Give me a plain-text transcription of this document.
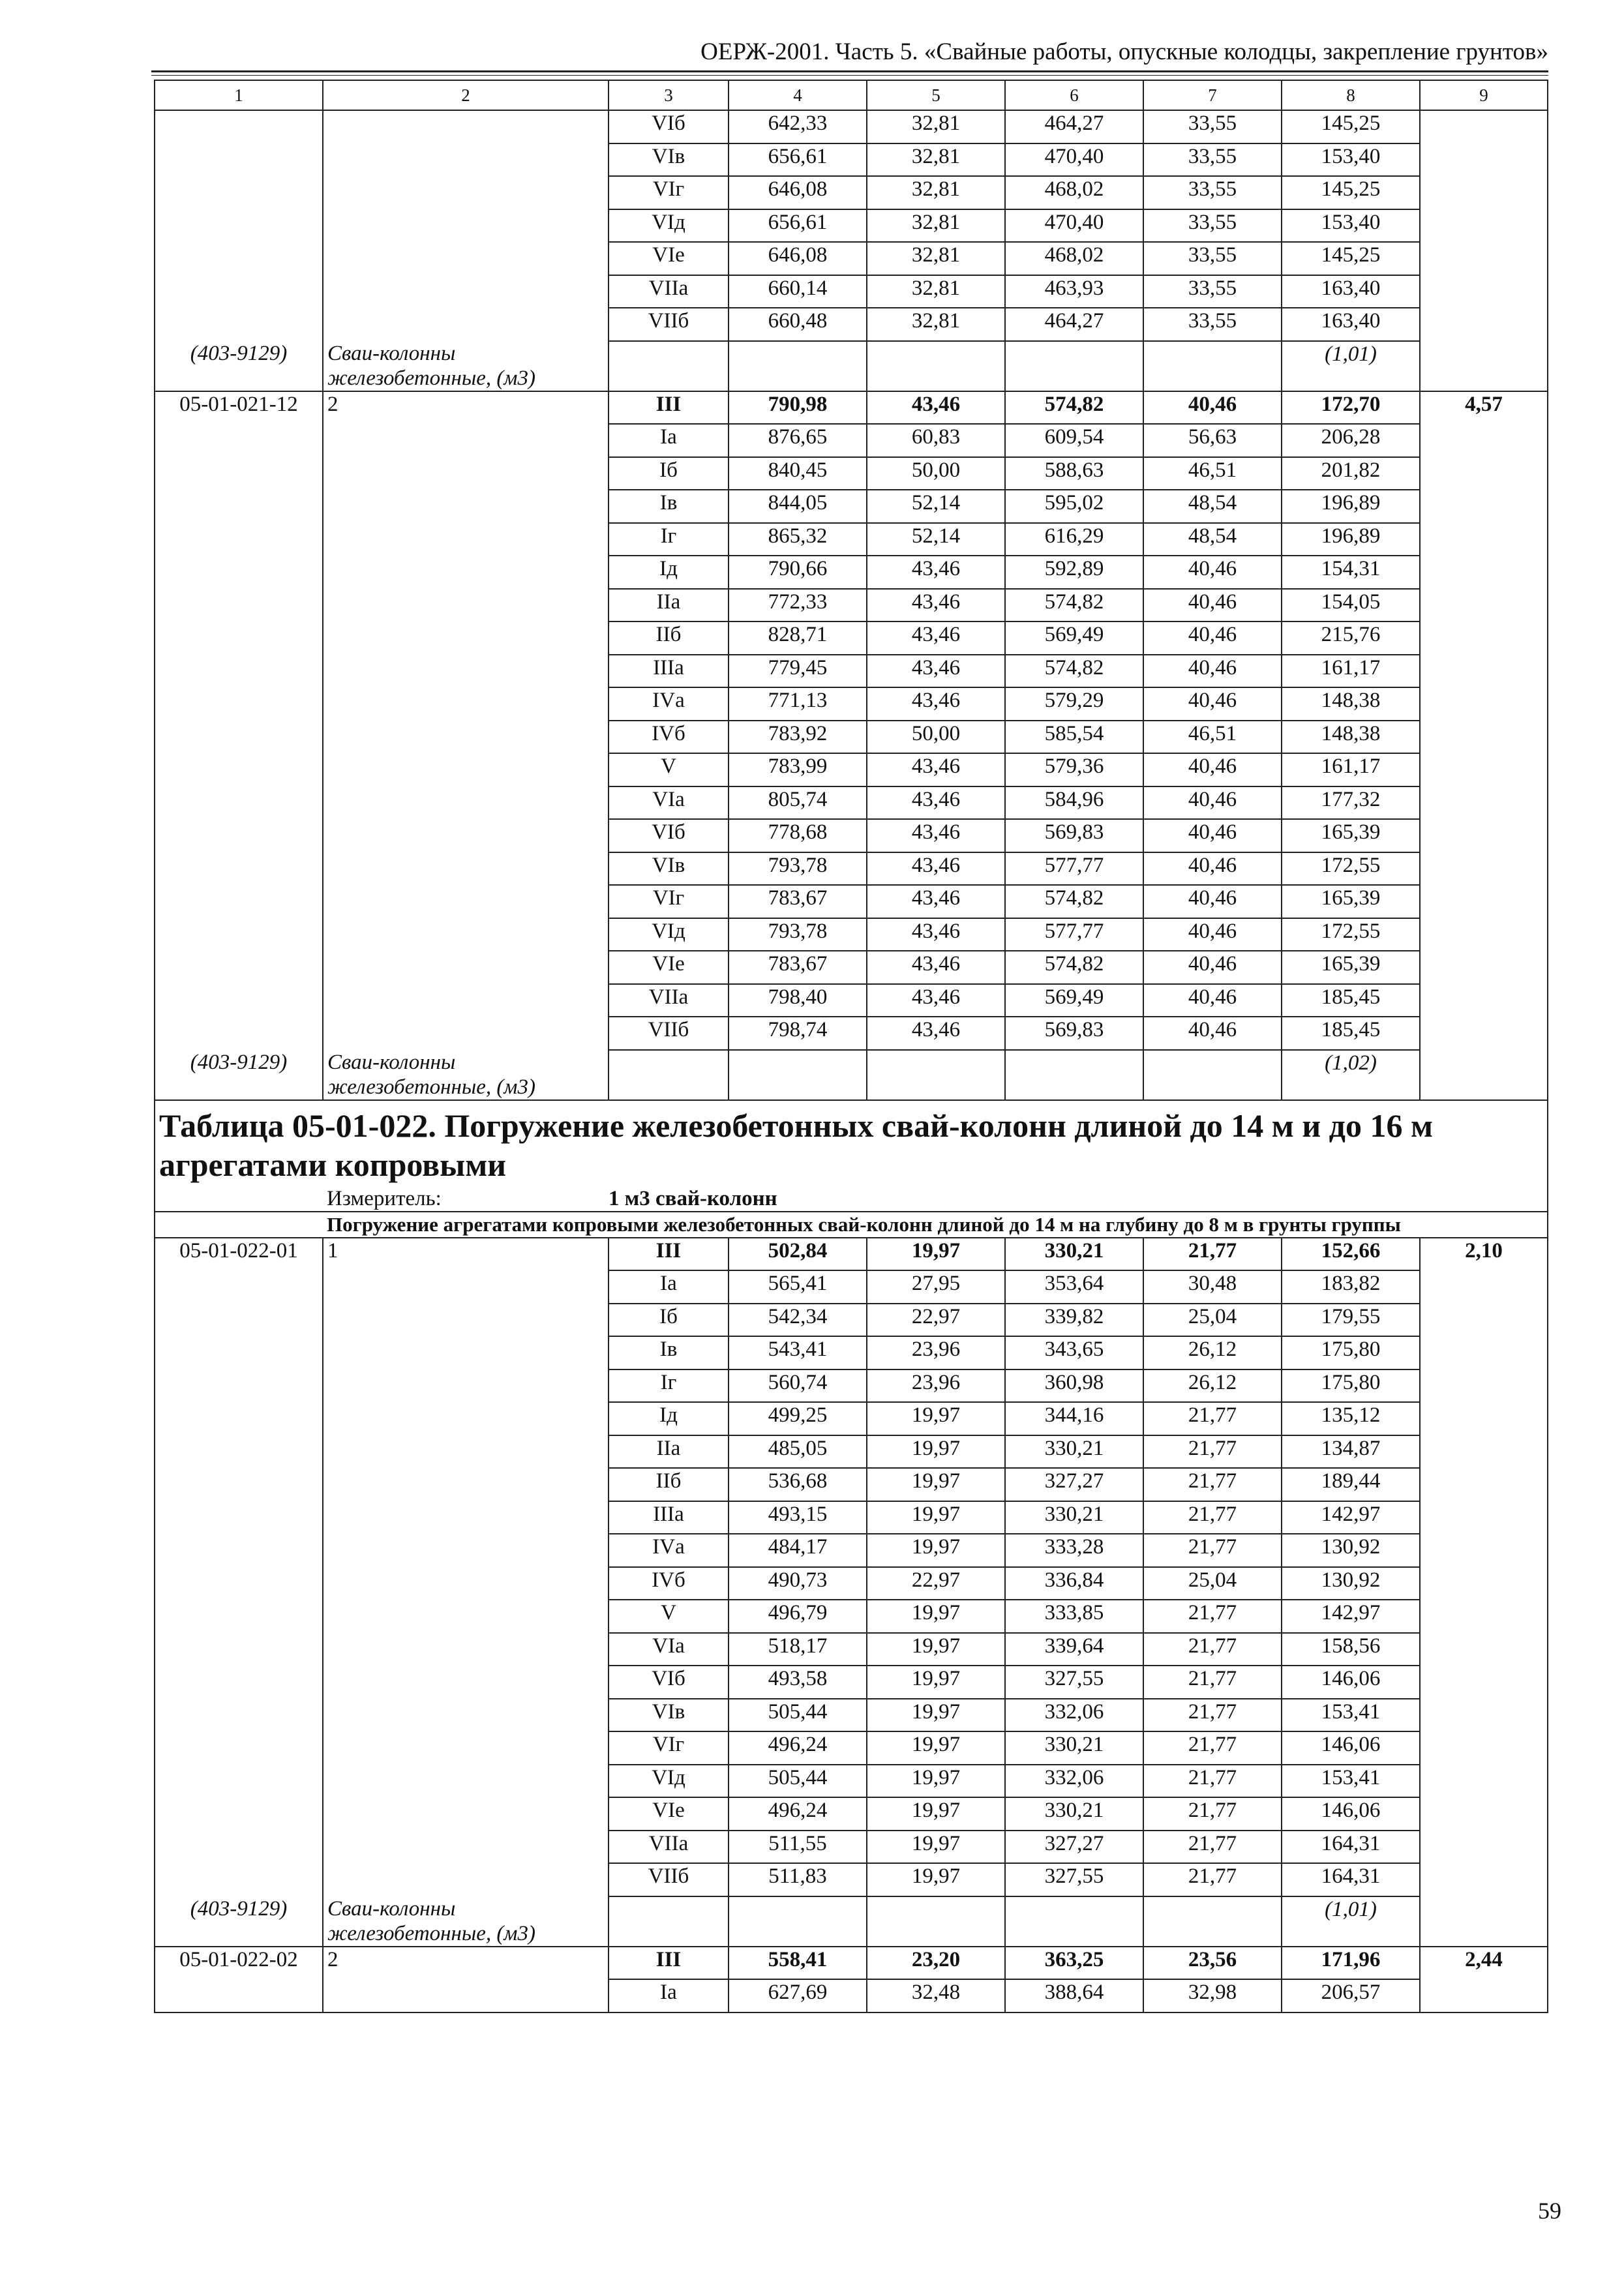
ОЕРЖ-2001. Часть 5. «Свайные работы, опускные колодцы, закрепление грунтов»
1	2	3	4	5	6	7	8	9
		VIб	642,33	32,81	464,27	33,55	145,25	
		VIв	656,61	32,81	470,40	33,55	153,40	
		VIг	646,08	32,81	468,02	33,55	145,25	
		VIд	656,61	32,81	470,40	33,55	153,40	
		VIе	646,08	32,81	468,02	33,55	145,25	
		VIIа	660,14	32,81	463,93	33,55	163,40	
		VIIб	660,48	32,81	464,27	33,55	163,40	
(403-9129)	Сваи-колонны железобетонные, (м3)						(1,01)	
05-01-021-12	2	III	790,98	43,46	574,82	40,46	172,70	4,57
		Iа	876,65	60,83	609,54	56,63	206,28	
		Iб	840,45	50,00	588,63	46,51	201,82	
		Iв	844,05	52,14	595,02	48,54	196,89	
		Iг	865,32	52,14	616,29	48,54	196,89	
		Iд	790,66	43,46	592,89	40,46	154,31	
		IIа	772,33	43,46	574,82	40,46	154,05	
		IIб	828,71	43,46	569,49	40,46	215,76	
		IIIа	779,45	43,46	574,82	40,46	161,17	
		IVа	771,13	43,46	579,29	40,46	148,38	
		IVб	783,92	50,00	585,54	46,51	148,38	
		V	783,99	43,46	579,36	40,46	161,17	
		VIа	805,74	43,46	584,96	40,46	177,32	
		VIб	778,68	43,46	569,83	40,46	165,39	
		VIв	793,78	43,46	577,77	40,46	172,55	
		VIг	783,67	43,46	574,82	40,46	165,39	
		VIд	793,78	43,46	577,77	40,46	172,55	
		VIе	783,67	43,46	574,82	40,46	165,39	
		VIIа	798,40	43,46	569,49	40,46	185,45	
		VIIб	798,74	43,46	569,83	40,46	185,45	
(403-9129)	Сваи-колонны железобетонные, (м3)						(1,02)	
Таблица 05-01-022. Погружение железобетонных свай-колонн длиной до 14 м и до 16 м агрегатами копровыми								
	Измеритель:	1 м3 свай-колонн						
	Погружение агрегатами копровыми железобетонных свай-колонн длиной до 14 м на глубину до 8 м в грунты группы							
05-01-022-01	1	III	502,84	19,97	330,21	21,77	152,66	2,10
		Iа	565,41	27,95	353,64	30,48	183,82	
		Iб	542,34	22,97	339,82	25,04	179,55	
		Iв	543,41	23,96	343,65	26,12	175,80	
		Iг	560,74	23,96	360,98	26,12	175,80	
		Iд	499,25	19,97	344,16	21,77	135,12	
		IIа	485,05	19,97	330,21	21,77	134,87	
		IIб	536,68	19,97	327,27	21,77	189,44	
		IIIа	493,15	19,97	330,21	21,77	142,97	
		IVа	484,17	19,97	333,28	21,77	130,92	
		IVб	490,73	22,97	336,84	25,04	130,92	
		V	496,79	19,97	333,85	21,77	142,97	
		VIа	518,17	19,97	339,64	21,77	158,56	
		VIб	493,58	19,97	327,55	21,77	146,06	
		VIв	505,44	19,97	332,06	21,77	153,41	
		VIг	496,24	19,97	330,21	21,77	146,06	
		VIд	505,44	19,97	332,06	21,77	153,41	
		VIе	496,24	19,97	330,21	21,77	146,06	
		VIIа	511,55	19,97	327,27	21,77	164,31	
		VIIб	511,83	19,97	327,55	21,77	164,31	
(403-9129)	Сваи-колонны железобетонные, (м3)						(1,01)	
05-01-022-02	2	III	558,41	23,20	363,25	23,56	171,96	2,44
		Iа	627,69	32,48	388,64	32,98	206,57	
59
